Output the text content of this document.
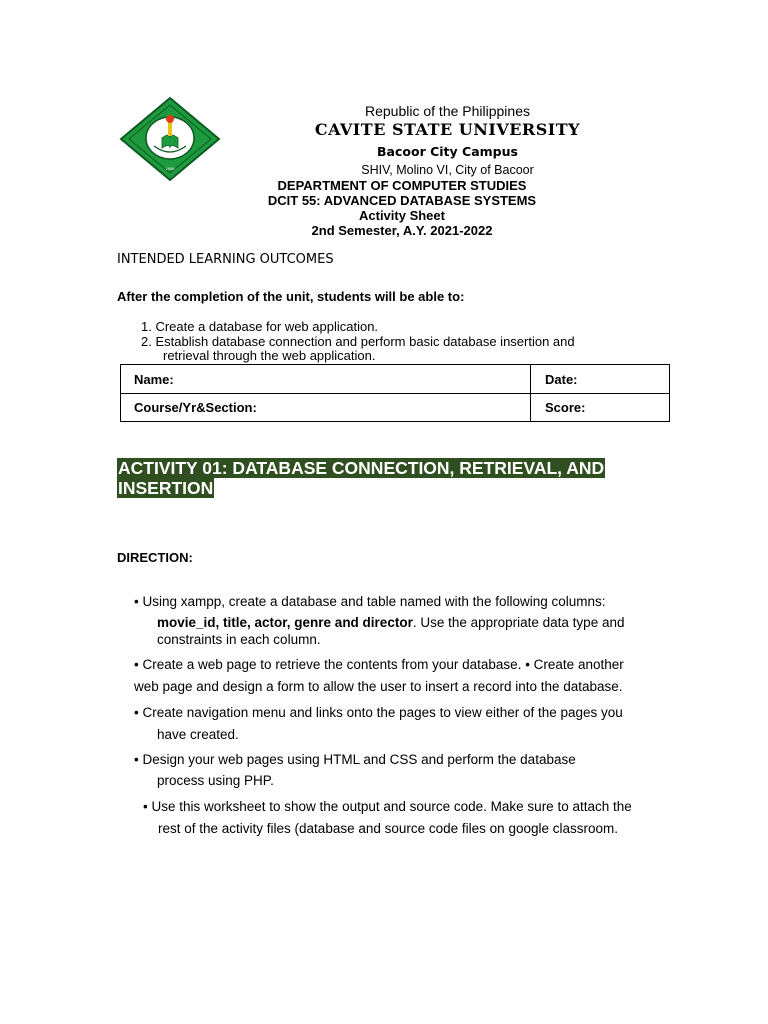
1906
Republic of the Philippines
CAVITE STATE UNIVERSITY
Bacoor City Campus
SHIV, Molino VI, City of Bacoor
DEPARTMENT OF COMPUTER STUDIES
DCIT 55: ADVANCED DATABASE SYSTEMS
Activity Sheet
2nd Semester, A.Y. 2021-2022
INTENDED LEARNING OUTCOMES
After the completion of the unit, students will be able to:
1. Create a database for web application.
2. Establish database connection and perform basic database insertion and
retrieval through the web application.
Name:	Date:
Course/Yr&Section:	Score:
ACTIVITY 01: DATABASE CONNECTION, RETRIEVAL, AND
INSERTION
DIRECTION:
• Using xampp, create a database and table named with the following columns:
movie_id, title, actor, genre and director. Use the appropriate data type and
constraints in each column.
• Create a web page to retrieve the contents from your database. • Create another
web page and design a form to allow the user to insert a record into the database.
• Create navigation menu and links onto the pages to view either of the pages you
have created.
• Design your web pages using HTML and CSS and perform the database
process using PHP.
• Use this worksheet to show the output and source code. Make sure to attach the
rest of the activity files (database and source code files on google classroom.
